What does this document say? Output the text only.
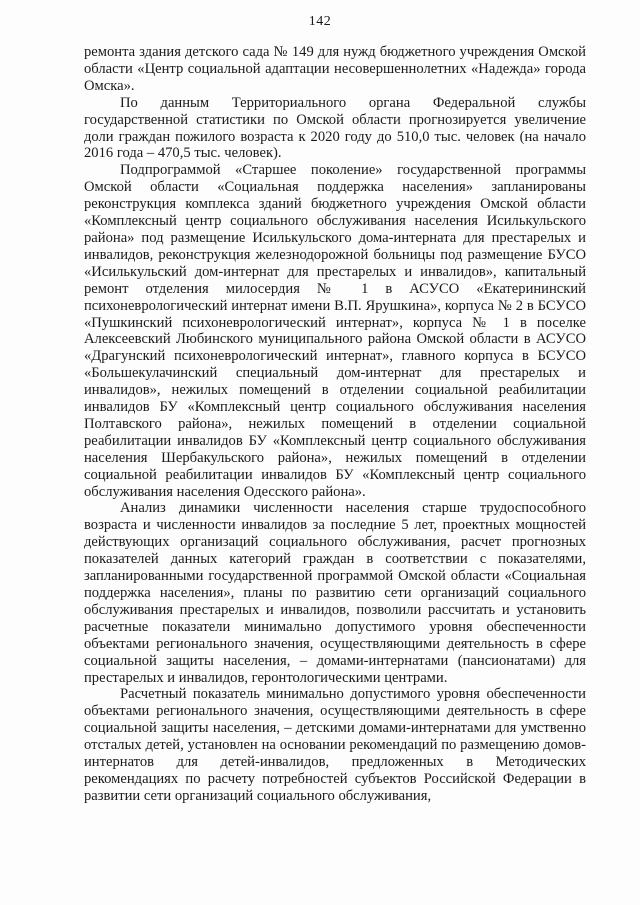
142

ремонта здания детского сада № 149 для нужд бюджетного учреждения Омской области «Центр социальной адаптации несовершеннолетних «Надежда» города Омска».

По данным Территориального органа Федеральной службы государственной статистики по Омской области прогнозируется увеличение доли граждан пожилого возраста к 2020 году до 510,0 тыс. человек (на начало 2016 года – 470,5 тыс. человек).

Подпрограммой «Старшее поколение» государственной программы Омской области «Социальная поддержка населения» запланированы реконструкция комплекса зданий бюджетного учреждения Омской области «Комплексный центр социального обслуживания населения Исилькульского района» под размещение Исилькульского дома-интерната для престарелых и инвалидов, реконструкция железнодорожной больницы под размещение БУСО «Исилькульский дом-интернат для престарелых и инвалидов», капитальный ремонт отделения милосердия № 1 в АСУСО «Екатерининский психоневрологический интернат имени В.П. Ярушкина», корпуса № 2 в БСУСО «Пушкинский психоневрологический интернат», корпуса № 1 в поселке Алексеевский Любинского муниципального района Омской области в АСУСО «Драгунский психоневрологический интернат», главного корпуса в БСУСО «Большекулачинский специальный дом-интернат для престарелых и инвалидов», нежилых помещений в отделении социальной реабилитации инвалидов БУ «Комплексный центр социального обслуживания населения Полтавского района», нежилых помещений в отделении социальной реабилитации инвалидов БУ «Комплексный центр социального обслуживания населения Шербакульского района», нежилых помещений в отделении социальной реабилитации инвалидов БУ «Комплексный центр социального обслуживания населения Одесского района».

Анализ динамики численности населения старше трудоспособного возраста и численности инвалидов за последние 5 лет, проектных мощностей действующих организаций социального обслуживания, расчет прогнозных показателей данных категорий граждан в соответствии с показателями, запланированными государственной программой Омской области «Социальная поддержка населения», планы по развитию сети организаций социального обслуживания престарелых и инвалидов, позволили рассчитать и установить расчетные показатели минимально допустимого уровня обеспеченности объектами регионального значения, осуществляющими деятельность в сфере социальной защиты населения, – домами-интернатами (пансионатами) для престарелых и инвалидов, геронтологическими центрами.

Расчетный показатель минимально допустимого уровня обеспеченности объектами регионального значения, осуществляющими деятельность в сфере социальной защиты населения, – детскими домами-интернатами для умственно отсталых детей, установлен на основании рекомендаций по размещению домов-интернатов для детей-инвалидов, предложенных в Методических рекомендациях по расчету потребностей субъектов Российской Федерации в развитии сети организаций социального обслуживания,
